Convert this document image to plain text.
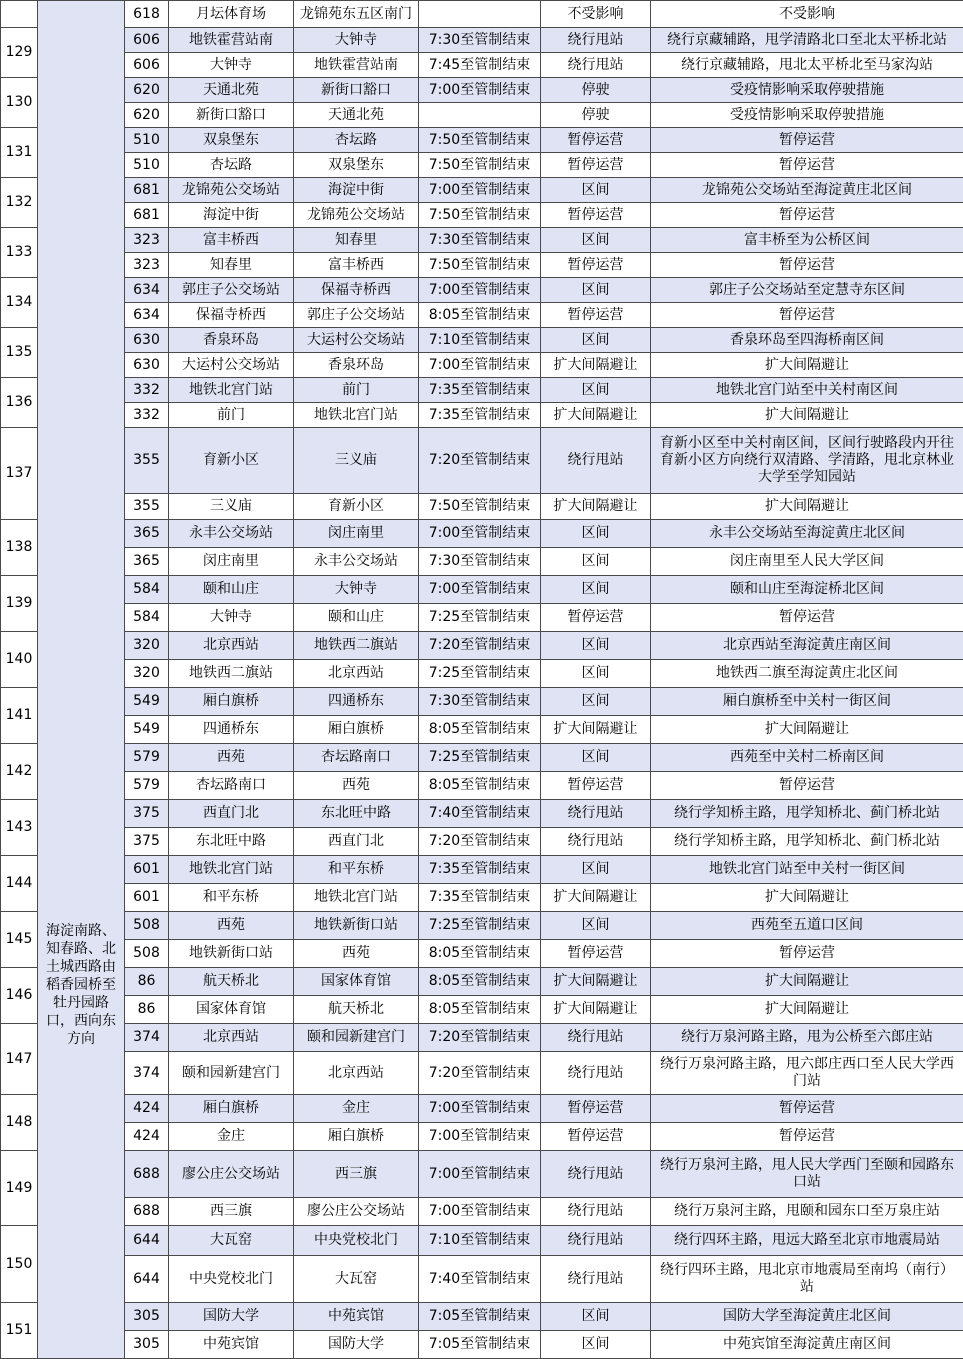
	海淀南路、知春路、北土城西路由稻香园桥至牡丹园路口，西向东方向	618	月坛体育场	龙锦苑东五区南门		不受影响	不受影响
129		606	地铁霍营站南	大钟寺	7:30至管制结束	绕行甩站	绕行京藏辅路，甩学清路北口至北太平桥北站
		606	大钟寺	地铁霍营站南	7:45至管制结束	绕行甩站	绕行京藏辅路，甩北太平桥北至马家沟站
130		620	天通北苑	新街口豁口	7:00至管制结束	停驶	受疫情影响采取停驶措施
		620	新街口豁口	天通北苑		停驶	受疫情影响采取停驶措施
131		510	双泉堡东	杏坛路	7:50至管制结束	暂停运营	暂停运营
		510	杏坛路	双泉堡东	7:50至管制结束	暂停运营	暂停运营
132		681	龙锦苑公交场站	海淀中街	7:00至管制结束	区间	龙锦苑公交场站至海淀黄庄北区间
		681	海淀中街	龙锦苑公交场站	7:50至管制结束	暂停运营	暂停运营
133		323	富丰桥西	知春里	7:30至管制结束	区间	富丰桥至为公桥区间
		323	知春里	富丰桥西	7:50至管制结束	暂停运营	暂停运营
134		634	郭庄子公交场站	保福寺桥西	7:00至管制结束	区间	郭庄子公交场站至定慧寺东区间
		634	保福寺桥西	郭庄子公交场站	8:05至管制结束	暂停运营	暂停运营
135		630	香泉环岛	大运村公交场站	7:10至管制结束	区间	香泉环岛至四海桥南区间
		630	大运村公交场站	香泉环岛	7:00至管制结束	扩大间隔避让	扩大间隔避让
136		332	地铁北宫门站	前门	7:35至管制结束	区间	地铁北宫门站至中关村南区间
		332	前门	地铁北宫门站	7:35至管制结束	扩大间隔避让	扩大间隔避让
137		355	育新小区	三义庙	7:20至管制结束	绕行甩站	育新小区至中关村南区间，区间行驶路段内开往育新小区方向绕行双清路、学清路，甩北京林业大学至学知园站
		355	三义庙	育新小区	7:50至管制结束	扩大间隔避让	扩大间隔避让
138		365	永丰公交场站	闵庄南里	7:00至管制结束	区间	永丰公交场站至海淀黄庄北区间
		365	闵庄南里	永丰公交场站	7:30至管制结束	区间	闵庄南里至人民大学区间
139		584	颐和山庄	大钟寺	7:00至管制结束	区间	颐和山庄至海淀桥北区间
		584	大钟寺	颐和山庄	7:25至管制结束	暂停运营	暂停运营
140		320	北京西站	地铁西二旗站	7:20至管制结束	区间	北京西站至海淀黄庄南区间
		320	地铁西二旗站	北京西站	7:25至管制结束	区间	地铁西二旗至海淀黄庄北区间
141		549	厢白旗桥	四通桥东	7:30至管制结束	区间	厢白旗桥至中关村一街区间
		549	四通桥东	厢白旗桥	8:05至管制结束	扩大间隔避让	扩大间隔避让
142		579	西苑	杏坛路南口	7:25至管制结束	区间	西苑至中关村二桥南区间
		579	杏坛路南口	西苑	8:05至管制结束	暂停运营	暂停运营
143		375	西直门北	东北旺中路	7:40至管制结束	绕行甩站	绕行学知桥主路，甩学知桥北、蓟门桥北站
		375	东北旺中路	西直门北	7:20至管制结束	绕行甩站	绕行学知桥主路，甩学知桥北、蓟门桥北站
144		601	地铁北宫门站	和平东桥	7:35至管制结束	区间	地铁北宫门站至中关村一街区间
		601	和平东桥	地铁北宫门站	7:35至管制结束	扩大间隔避让	扩大间隔避让
145		508	西苑	地铁新街口站	7:25至管制结束	区间	西苑至五道口区间
		508	地铁新街口站	西苑	8:05至管制结束	暂停运营	暂停运营
146		86	航天桥北	国家体育馆	8:05至管制结束	扩大间隔避让	扩大间隔避让
		86	国家体育馆	航天桥北	8:05至管制结束	扩大间隔避让	扩大间隔避让
147		374	北京西站	颐和园新建宫门	7:20至管制结束	绕行甩站	绕行万泉河路主路，甩为公桥至六郎庄站
		374	颐和园新建宫门	北京西站	7:20至管制结束	绕行甩站	绕行万泉河路主路，甩六郎庄西口至人民大学西门站
148		424	厢白旗桥	金庄	7:00至管制结束	暂停运营	暂停运营
		424	金庄	厢白旗桥	7:00至管制结束	暂停运营	暂停运营
149		688	廖公庄公交场站	西三旗	7:00至管制结束	绕行甩站	绕行万泉河主路，甩人民大学西门至颐和园路东口站
		688	西三旗	廖公庄公交场站	7:00至管制结束	绕行甩站	绕行万泉河主路，甩颐和园东口至万泉庄站
150		644	大瓦窑	中央党校北门	7:10至管制结束	绕行甩站	绕行四环主路，甩远大路至北京市地震局站
		644	中央党校北门	大瓦窑	7:40至管制结束	绕行甩站	绕行四环主路，甩北京市地震局至南坞（南行）站
151		305	国防大学	中苑宾馆	7:05至管制结束	区间	国防大学至海淀黄庄北区间
		305	中苑宾馆	国防大学	7:05至管制结束	区间	中苑宾馆至海淀黄庄南区间
